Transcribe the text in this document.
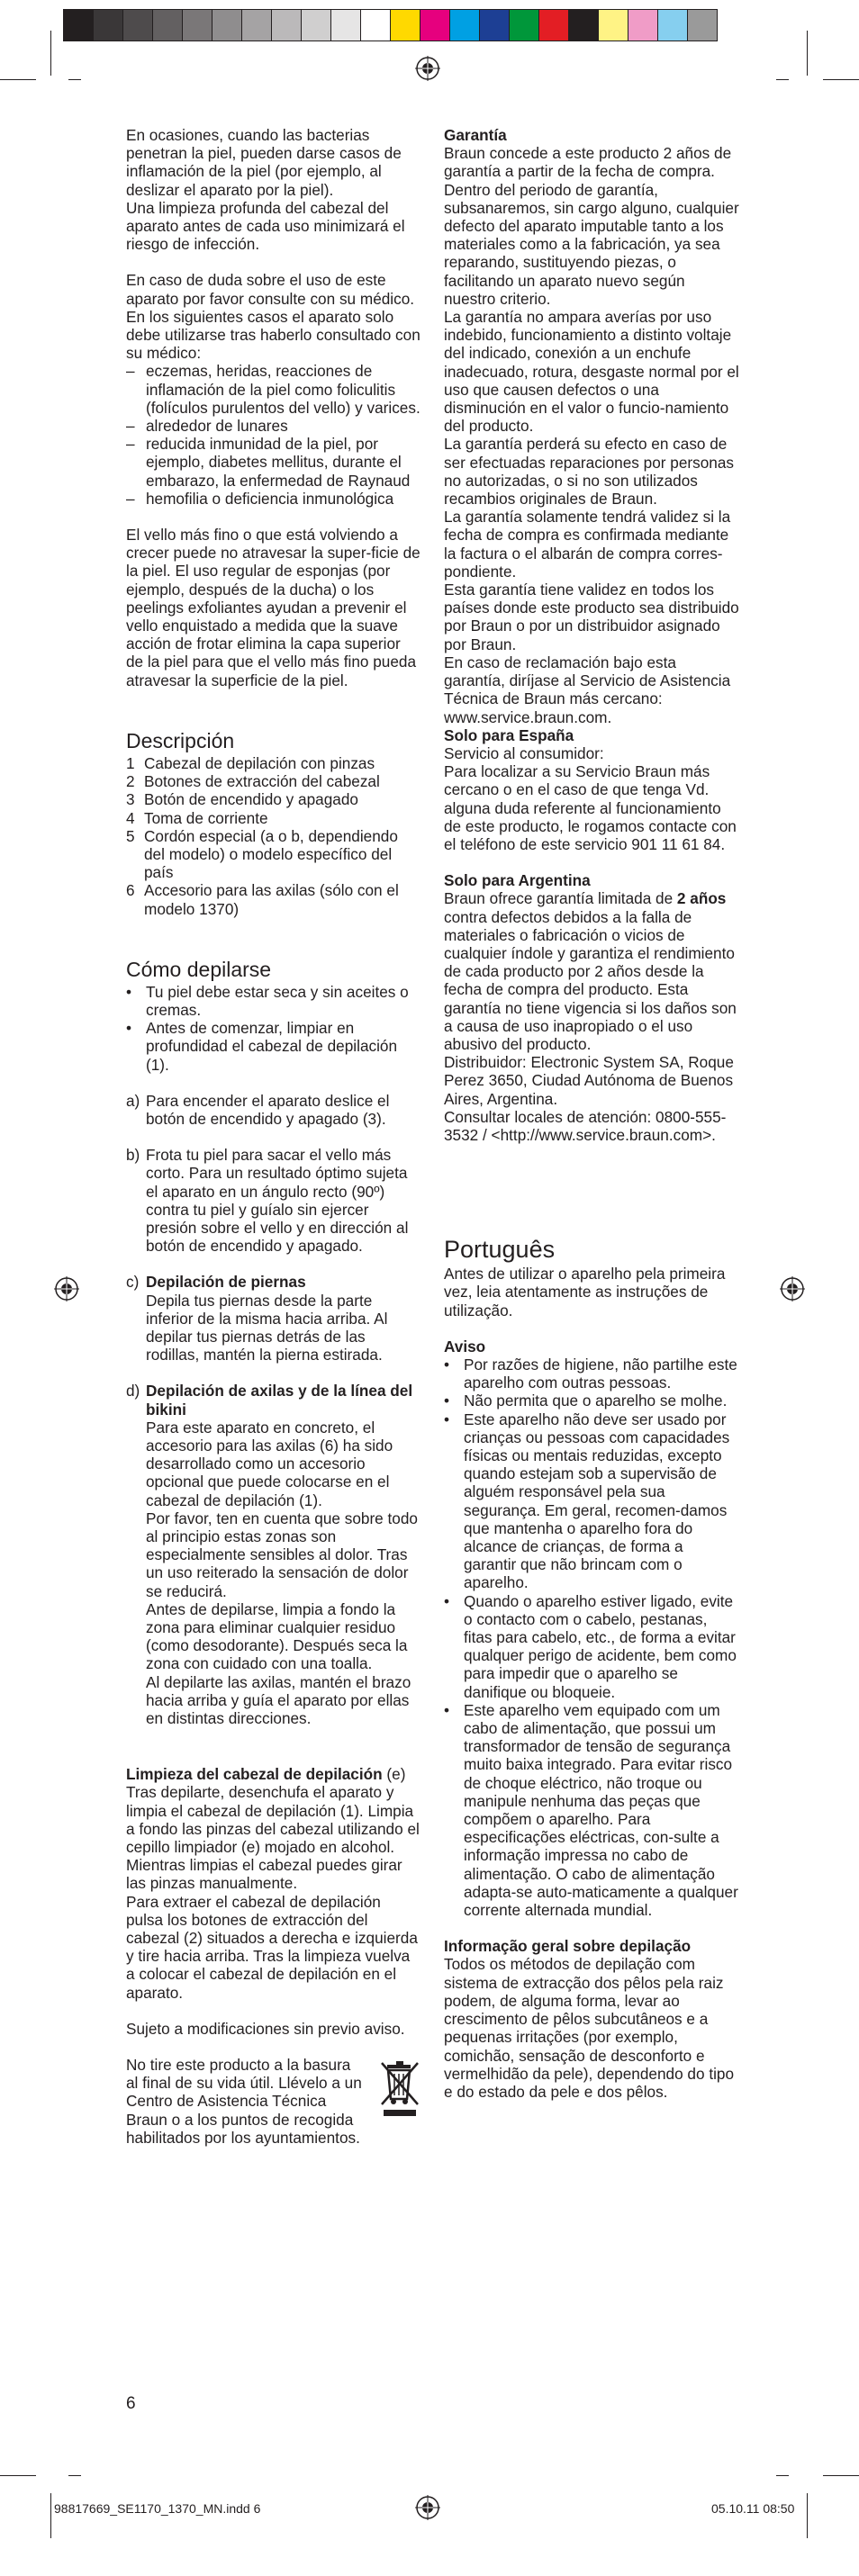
En ocasiones, cuando las bacterias penetran la piel, pueden darse casos de inflamación de la piel (por ejemplo, al deslizar el aparato por la piel).

Una limpieza profunda del cabezal del aparato antes de cada uso minimizará el riesgo de infección.

En caso de duda sobre el uso de este aparato por favor consulte con su médico. En los siguientes casos el aparato solo debe utilizarse tras haberlo consultado con su médico:

– eczemas, heridas, reacciones de inflamación de la piel como foliculitis (folículos purulentos del vello) y varices.
– alrededor de lunares
– reducida inmunidad de la piel, por ejemplo, diabetes mellitus, durante el embarazo, la enfermedad de Raynaud
– hemofilia o deficiencia inmunológica

El vello más fino o que está volviendo a crecer puede no atravesar la super-ficie de la piel. El uso regular de esponjas (por ejemplo, después de la ducha) o los peelings exfoliantes ayudan a prevenir el vello enquistado a medida que la suave acción de frotar elimina la capa superior de la piel para que el vello más fino pueda atravesar la superficie de la piel.

Descripción

1 Cabezal de depilación con pinzas
2 Botones de extracción del cabezal
3 Botón de encendido y apagado
4 Toma de corriente
5 Cordón especial (a o b, dependiendo del modelo) o modelo específico del país
6 Accesorio para las axilas (sólo con el modelo 1370)

Cómo depilarse

• Tu piel debe estar seca y sin aceites o cremas.
• Antes de comenzar, limpiar en profundidad el cabezal de depilación (1).
a) Para encender el aparato deslice el botón de encendido y apagado (3).
b) Frota tu piel para sacar el vello más corto. Para un resultado óptimo sujeta el aparato en un ángulo recto (90º) contra tu piel y guíalo sin ejercer presión sobre el vello y en dirección al botón de encendido y apagado.
c) Depilación de piernas
Depila tus piernas desde la parte inferior de la misma hacia arriba. Al depilar tus piernas detrás de las rodillas, mantén la pierna estirada.
d) Depilación de axilas y de la línea del bikini
Para este aparato en concreto, el accesorio para las axilas (6) ha sido desarrollado como un accesorio opcional que puede colocarse en el cabezal de depilación (1).
Por favor, ten en cuenta que sobre todo al principio estas zonas son especialmente sensibles al dolor. Tras un uso reiterado la sensación de dolor se reducirá.
Antes de depilarse, limpia a fondo la zona para eliminar cualquier residuo (como desodorante). Después seca la zona con cuidado con una toalla.
Al depilarte las axilas, mantén el brazo hacia arriba y guía el aparato por ellas en distintas direcciones.

Limpieza del cabezal de depilación (e)

Tras depilarte, desenchufa el aparato y limpia el cabezal de depilación (1). Limpia a fondo las pinzas del cabezal utilizando el cepillo limpiador (e) mojado en alcohol. Mientras limpias el cabezal puedes girar las pinzas manualmente.

Para extraer el cabezal de depilación pulsa los botones de extracción del cabezal (2) situados a derecha e izquierda y tire hacia arriba. Tras la limpieza vuelva a colocar el cabezal de depilación en el aparato.

Sujeto a modificaciones sin previo aviso.

No tire este producto a la basura al final de su vida útil. Llévelo a un Centro de Asistencia Técnica Braun o a los puntos de recogida habilitados por los ayuntamientos.

Garantía

Braun concede a este producto 2 años de garantía a partir de la fecha de compra.

Dentro del periodo de garantía, subsanaremos, sin cargo alguno, cualquier defecto del aparato imputable tanto a los materiales como a la fabricación, ya sea reparando, sustituyendo piezas, o facilitando un aparato nuevo según nuestro criterio.

La garantía no ampara averías por uso indebido, funcionamiento a distinto voltaje del indicado, conexión a un enchufe inadecuado, rotura, desgaste normal por el uso que causen defectos o una disminución en el valor o funcio-namiento del producto.

La garantía perderá su efecto en caso de ser efectuadas reparaciones por personas no autorizadas, o si no son utilizados recambios originales de Braun.

La garantía solamente tendrá validez si la fecha de compra es confirmada mediante la factura o el albarán de compra corres-pondiente.

Esta garantía tiene validez en todos los países donde este producto sea distribuido por Braun o por un distribuidor asignado por Braun.

En caso de reclamación bajo esta garantía, diríjase al Servicio de Asistencia Técnica de Braun más cercano: www.service.braun.com.

Solo para España

Servicio al consumidor:

Para localizar a su Servicio Braun más cercano o en el caso de que tenga Vd. alguna duda referente al funcionamiento de este producto, le rogamos contacte con el teléfono de este servicio 901 11 61 84.

Solo para Argentina

Braun ofrece garantía limitada de 2 años contra defectos debidos a la falla de materiales o fabricación o vicios de cualquier índole y garantiza el rendimiento de cada producto por 2 años desde la fecha de compra del producto. Esta garantía no tiene vigencia si los daños son a causa de uso inapropiado o el uso abusivo del producto.

Distribuidor: Electronic System SA, Roque Perez 3650, Ciudad Autónoma de Buenos Aires, Argentina.

Consultar locales de atención: 0800-555-3532 / <http://www.service.braun.com>.

Português

Antes de utilizar o aparelho pela primeira vez, leia atentamente as instruções de utilização.

Aviso

• Por razões de higiene, não partilhe este aparelho com outras pessoas.
• Não permita que o aparelho se molhe.
• Este aparelho não deve ser usado por crianças ou pessoas com capacidades físicas ou mentais reduzidas, excepto quando estejam sob a supervisão de alguém responsável pela sua segurança. Em geral, recomen-damos que mantenha o aparelho fora do alcance de crianças, de forma a garantir que não brincam com o aparelho.
• Quando o aparelho estiver ligado, evite o contacto com o cabelo, pestanas, fitas para cabelo, etc., de forma a evitar qualquer perigo de acidente, bem como para impedir que o aparelho se danifique ou bloqueie.
• Este aparelho vem equipado com um cabo de alimentação, que possui um transformador de tensão de segurança muito baixa integrado. Para evitar risco de choque eléctrico, não troque ou manipule nenhuma das peças que compõem o aparelho. Para especificações eléctricas, con-sulte a informação impressa no cabo de alimentação. O cabo de alimentação adapta-se auto-maticamente a qualquer corrente alternada mundial.

Informação geral sobre depilação

Todos os métodos de depilação com sistema de extracção dos pêlos pela raiz podem, de alguma forma, levar ao crescimento de pêlos subcutâneos e a pequenas irritações (por exemplo, comichão, sensação de desconforto e vermelhidão da pele), dependendo do tipo e do estado da pele e dos pêlos.

6
98817669_SE1170_1370_MN.indd 6	05.10.11 08:50
